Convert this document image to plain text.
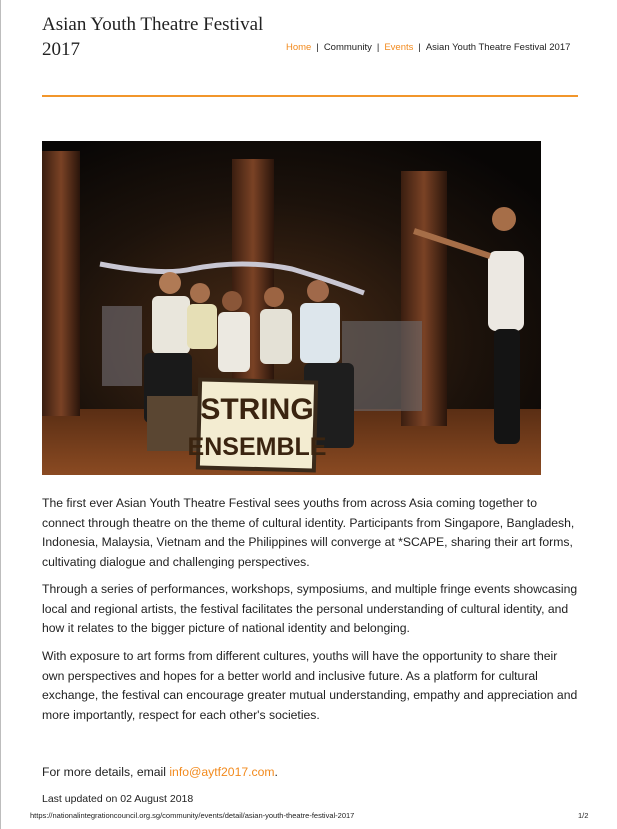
Asian Youth Theatre Festival 2017	Home | Community | Events | Asian Youth Theatre Festival 2017
STRING
ENSEMBLE

The first ever Asian Youth Theatre Festival sees youths from across Asia coming together to connect through theatre on the theme of cultural identity. Participants from Singapore, Bangladesh, Indonesia, Malaysia, Vietnam and the Philippines will converge at *SCAPE, sharing their art forms, cultivating dialogue and challenging perspectives.

Through a series of performances, workshops, symposiums, and multiple fringe events showcasing local and regional artists, the festival facilitates the personal understanding of cultural identity, and how it relates to the bigger picture of national identity and belonging.

With exposure to art forms from different cultures, youths will have the opportunity to share their own perspectives and hopes for a better world and inclusive future. As a platform for cultural exchange, the festival can encourage greater mutual understanding, empathy and appreciation and more importantly, respect for each other's societies.

For more details, email info@aytf2017.com.
Last updated on 02 August 2018
https://nationalintegrationcouncil.org.sg/community/events/detail/asian-youth-theatre-festival-2017	1/2
